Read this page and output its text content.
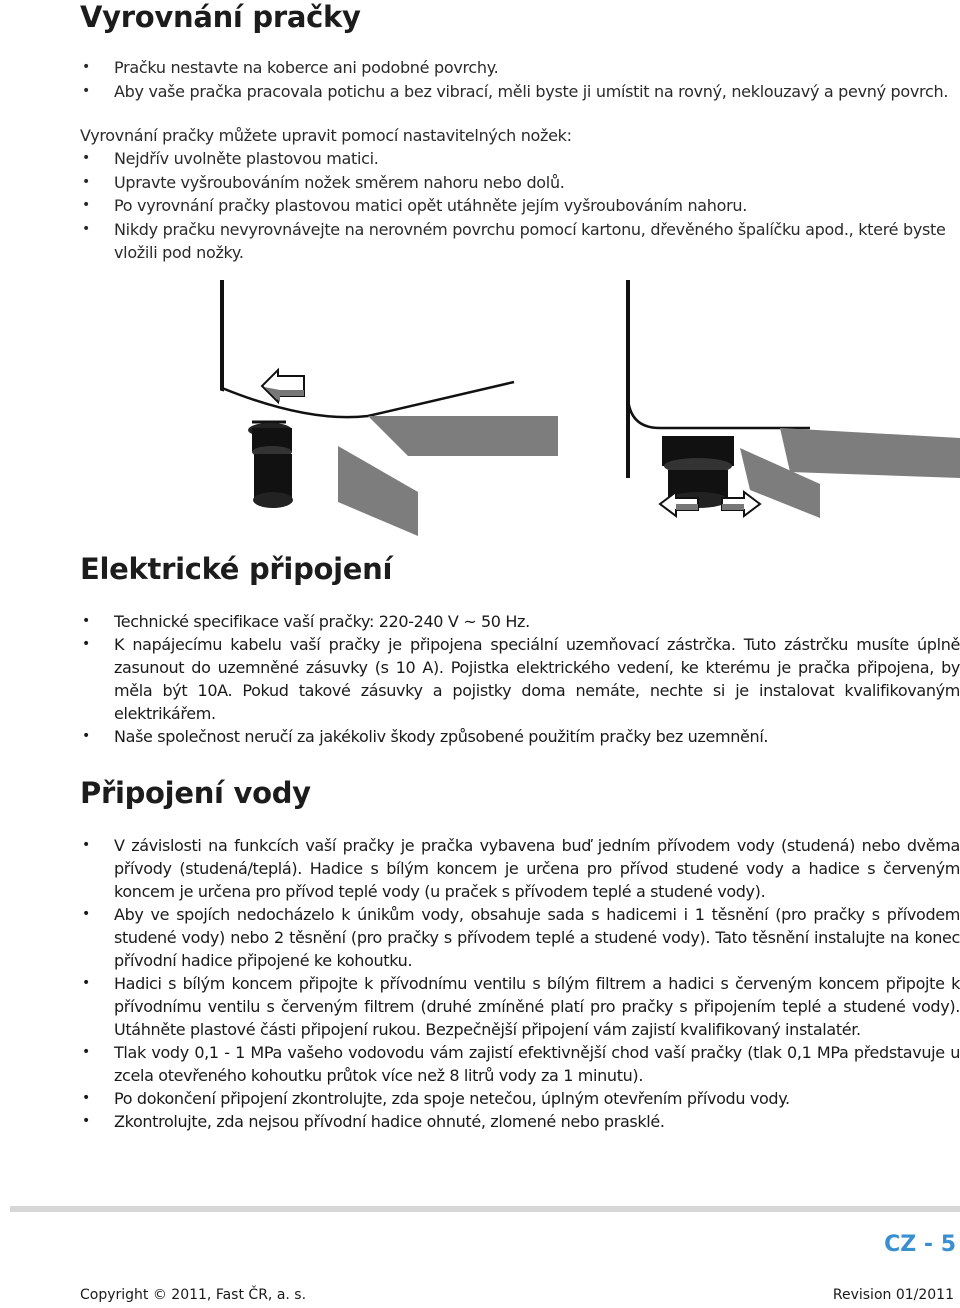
Vyrovnání pračky
• Pračku nestavte na koberce ani podobné povrchy.
• Aby vaše pračka pracovala potichu a bez vibrací, měli byste ji umístit na rovný, neklouzavý a pevný povrch.

Vyrovnání pračky můžete upravit pomocí nastavitelných nožek:

• Nejdřív uvolněte plastovou matici.
• Upravte vyšroubováním nožek směrem nahoru nebo dolů.
• Po vyrovnání pračky plastovou matici opět utáhněte jejím vyšroubováním nahoru.
• Nikdy pračku nevyrovnávejte na nerovném povrchu pomocí kartonu, dřevěného špalíčku apod., které byste vložili pod nožky.
Elektrické připojení
• Technické specifikace vaší pračky: 220-240 V ~ 50 Hz.
• K napájecímu kabelu vaší pračky je připojena speciální uzemňovací zástrčka. Tuto zástrčku musíte úplně zasunout do uzemněné zásuvky (s 10 A). Pojistka elektrického vedení, ke kterému je pračka připojena, by měla být 10A. Pokud takové zásuvky a pojistky doma nemáte, nechte si je instalovat kvalifikovaným elektrikářem.
• Naše společnost neručí za jakékoliv škody způsobené použitím pračky bez uzemnění.
Připojení vody
• V závislosti na funkcích vaší pračky je pračka vybavena buď jedním přívodem vody (studená) nebo dvěma přívody (studená/teplá). Hadice s bílým koncem je určena pro přívod studené vody a hadice s červeným koncem je určena pro přívod teplé vody (u praček s přívodem teplé a studené vody).
• Aby ve spojích nedocházelo k únikům vody, obsahuje sada s hadicemi i 1 těsnění (pro pračky s přívodem studené vody) nebo 2 těsnění (pro pračky s přívodem teplé a studené vody). Tato těsnění instalujte na konec přívodní hadice připojené ke kohoutku.
• Hadici s bílým koncem připojte k přívodnímu ventilu s bílým filtrem a hadici s červeným koncem připojte k přívodnímu ventilu s červeným filtrem (druhé zmíněné platí pro pračky s připojením teplé a studené vody). Utáhněte plastové části připojení rukou. Bezpečnější připojení vám zajistí kvalifikovaný instalatér.
• Tlak vody 0,1 - 1 MPa vašeho vodovodu vám zajistí efektivnější chod vaší pračky (tlak 0,1 MPa představuje u zcela otevřeného kohoutku průtok více než 8 litrů vody za 1 minutu).
• Po dokončení připojení zkontrolujte, zda spoje netečou, úplným otevřením přívodu vody.
• Zkontrolujte, zda nejsou přívodní hadice ohnuté, zlomené nebo prasklé.
CZ - 5
Copyright © 2011, Fast ČR, a. s.	Revision 01/2011
